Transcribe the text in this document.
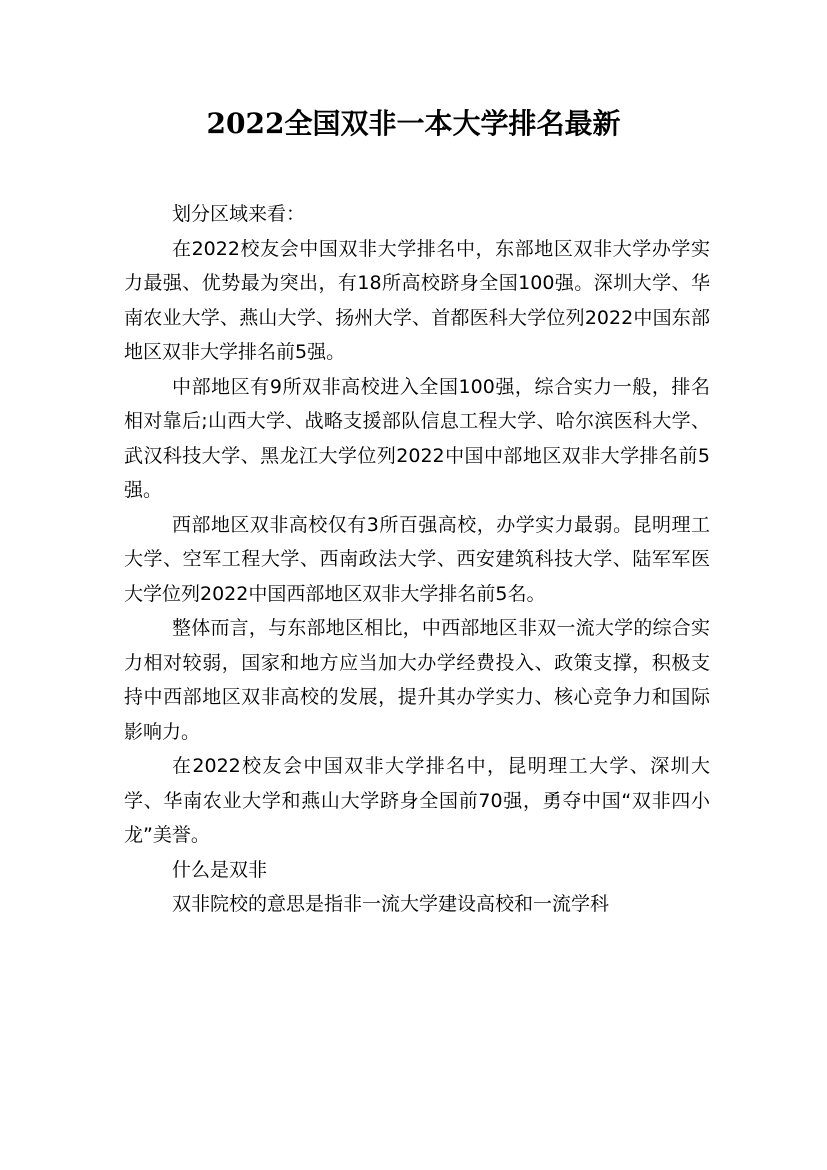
2022全国双非一本大学排名最新

划分区域来看：

在2022校友会中国双非大学排名中，东部地区双非大学办学实力最强、优势最为突出，有18所高校跻身全国100强。深圳大学、华南农业大学、燕山大学、扬州大学、首都医科大学位列2022中国东部地区双非大学排名前5强。

中部地区有9所双非高校进入全国100强，综合实力一般，排名相对靠后;山西大学、战略支援部队信息工程大学、哈尔滨医科大学、武汉科技大学、黑龙江大学位列2022中国中部地区双非大学排名前5强。

西部地区双非高校仅有3所百强高校，办学实力最弱。昆明理工大学、空军工程大学、西南政法大学、西安建筑科技大学、陆军军医大学位列2022中国西部地区双非大学排名前5名。

整体而言，与东部地区相比，中西部地区非双一流大学的综合实力相对较弱，国家和地方应当加大办学经费投入、政策支撑，积极支持中西部地区双非高校的发展，提升其办学实力、核心竞争力和国际影响力。

在2022校友会中国双非大学排名中，昆明理工大学、深圳大学、华南农业大学和燕山大学跻身全国前70强，勇夺中国“双非四小龙”美誉。

什么是双非

双非院校的意思是指非一流大学建设高校和一流学科
